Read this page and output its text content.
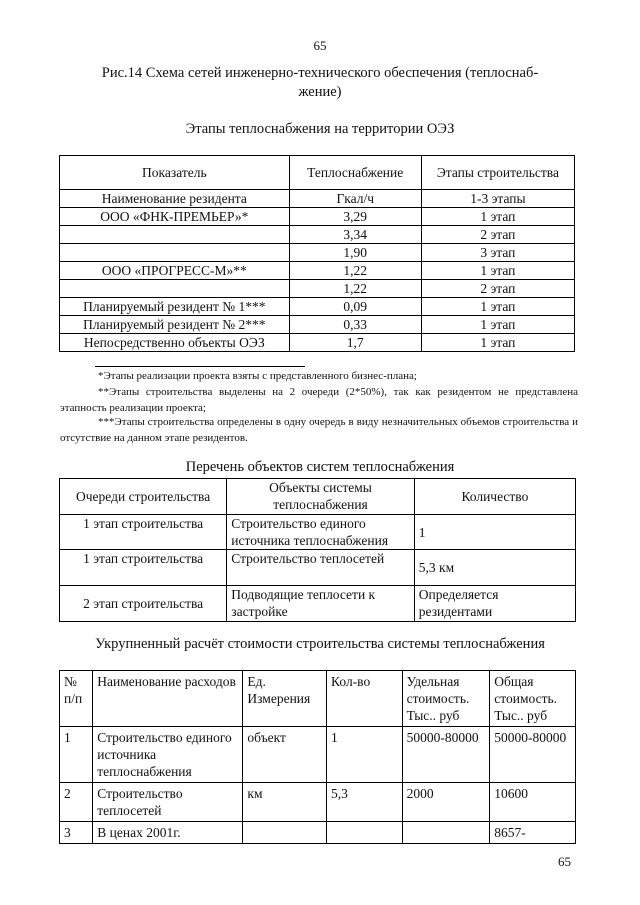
65
Рис.14 Схема сетей инженерно-технического обеспечения (теплоснаб-
жение)
Этапы теплоснабжения на территории ОЭЗ
Показатель	Теплоснабжение	Этапы строительства
Наименование резидента	Гкал/ч	1-3 этапы
ООО «ФНК-ПРЕМЬЕР»*	3,29	1 этап
	3,34	2 этап
	1,90	3 этап
ООО «ПРОГРЕСС-М»**	1,22	1 этап
	1,22	2 этап
Планируемый резидент № 1***	0,09	1 этап
Планируемый резидент № 2***	0,33	1 этап
Непосредственно объекты ОЭЗ	1,7	1 этап
*Этапы реализации проекта взяты с представленного бизнес-плана;
**Этапы строительства выделены на 2 очереди (2*50%), так как резидентом не представлена этапность реализации проекта;
***Этапы строительства определены в одну очередь в виду незначительных объемов строительства и отсутствие на данном этапе резидентов.
Перечень объектов систем теплоснабжения
Очереди строительства	Объекты системы теплоснабжения	Количество
1 этап строительства	Строительство единого источника теплоснабжения	1
1 этап строительства	Строительство теплосетей	5,3 км
2 этап строительства	Подводящие теплосети к застройке	Определяется резидентами
Укрупненный расчёт стоимости строительства системы теплоснабжения
№ п/п	Наименование расходов	Ед. Измерения	Кол-во	Удельная стоимость. Тыс.. руб	Общая стоимость. Тыс.. руб
1	Строительство единого источника теплоснабжения	объект	1	50000-80000	50000-80000
2	Строительство теплосетей	км	5,3	2000	10600
3	В ценах 2001г.				8657-
65
